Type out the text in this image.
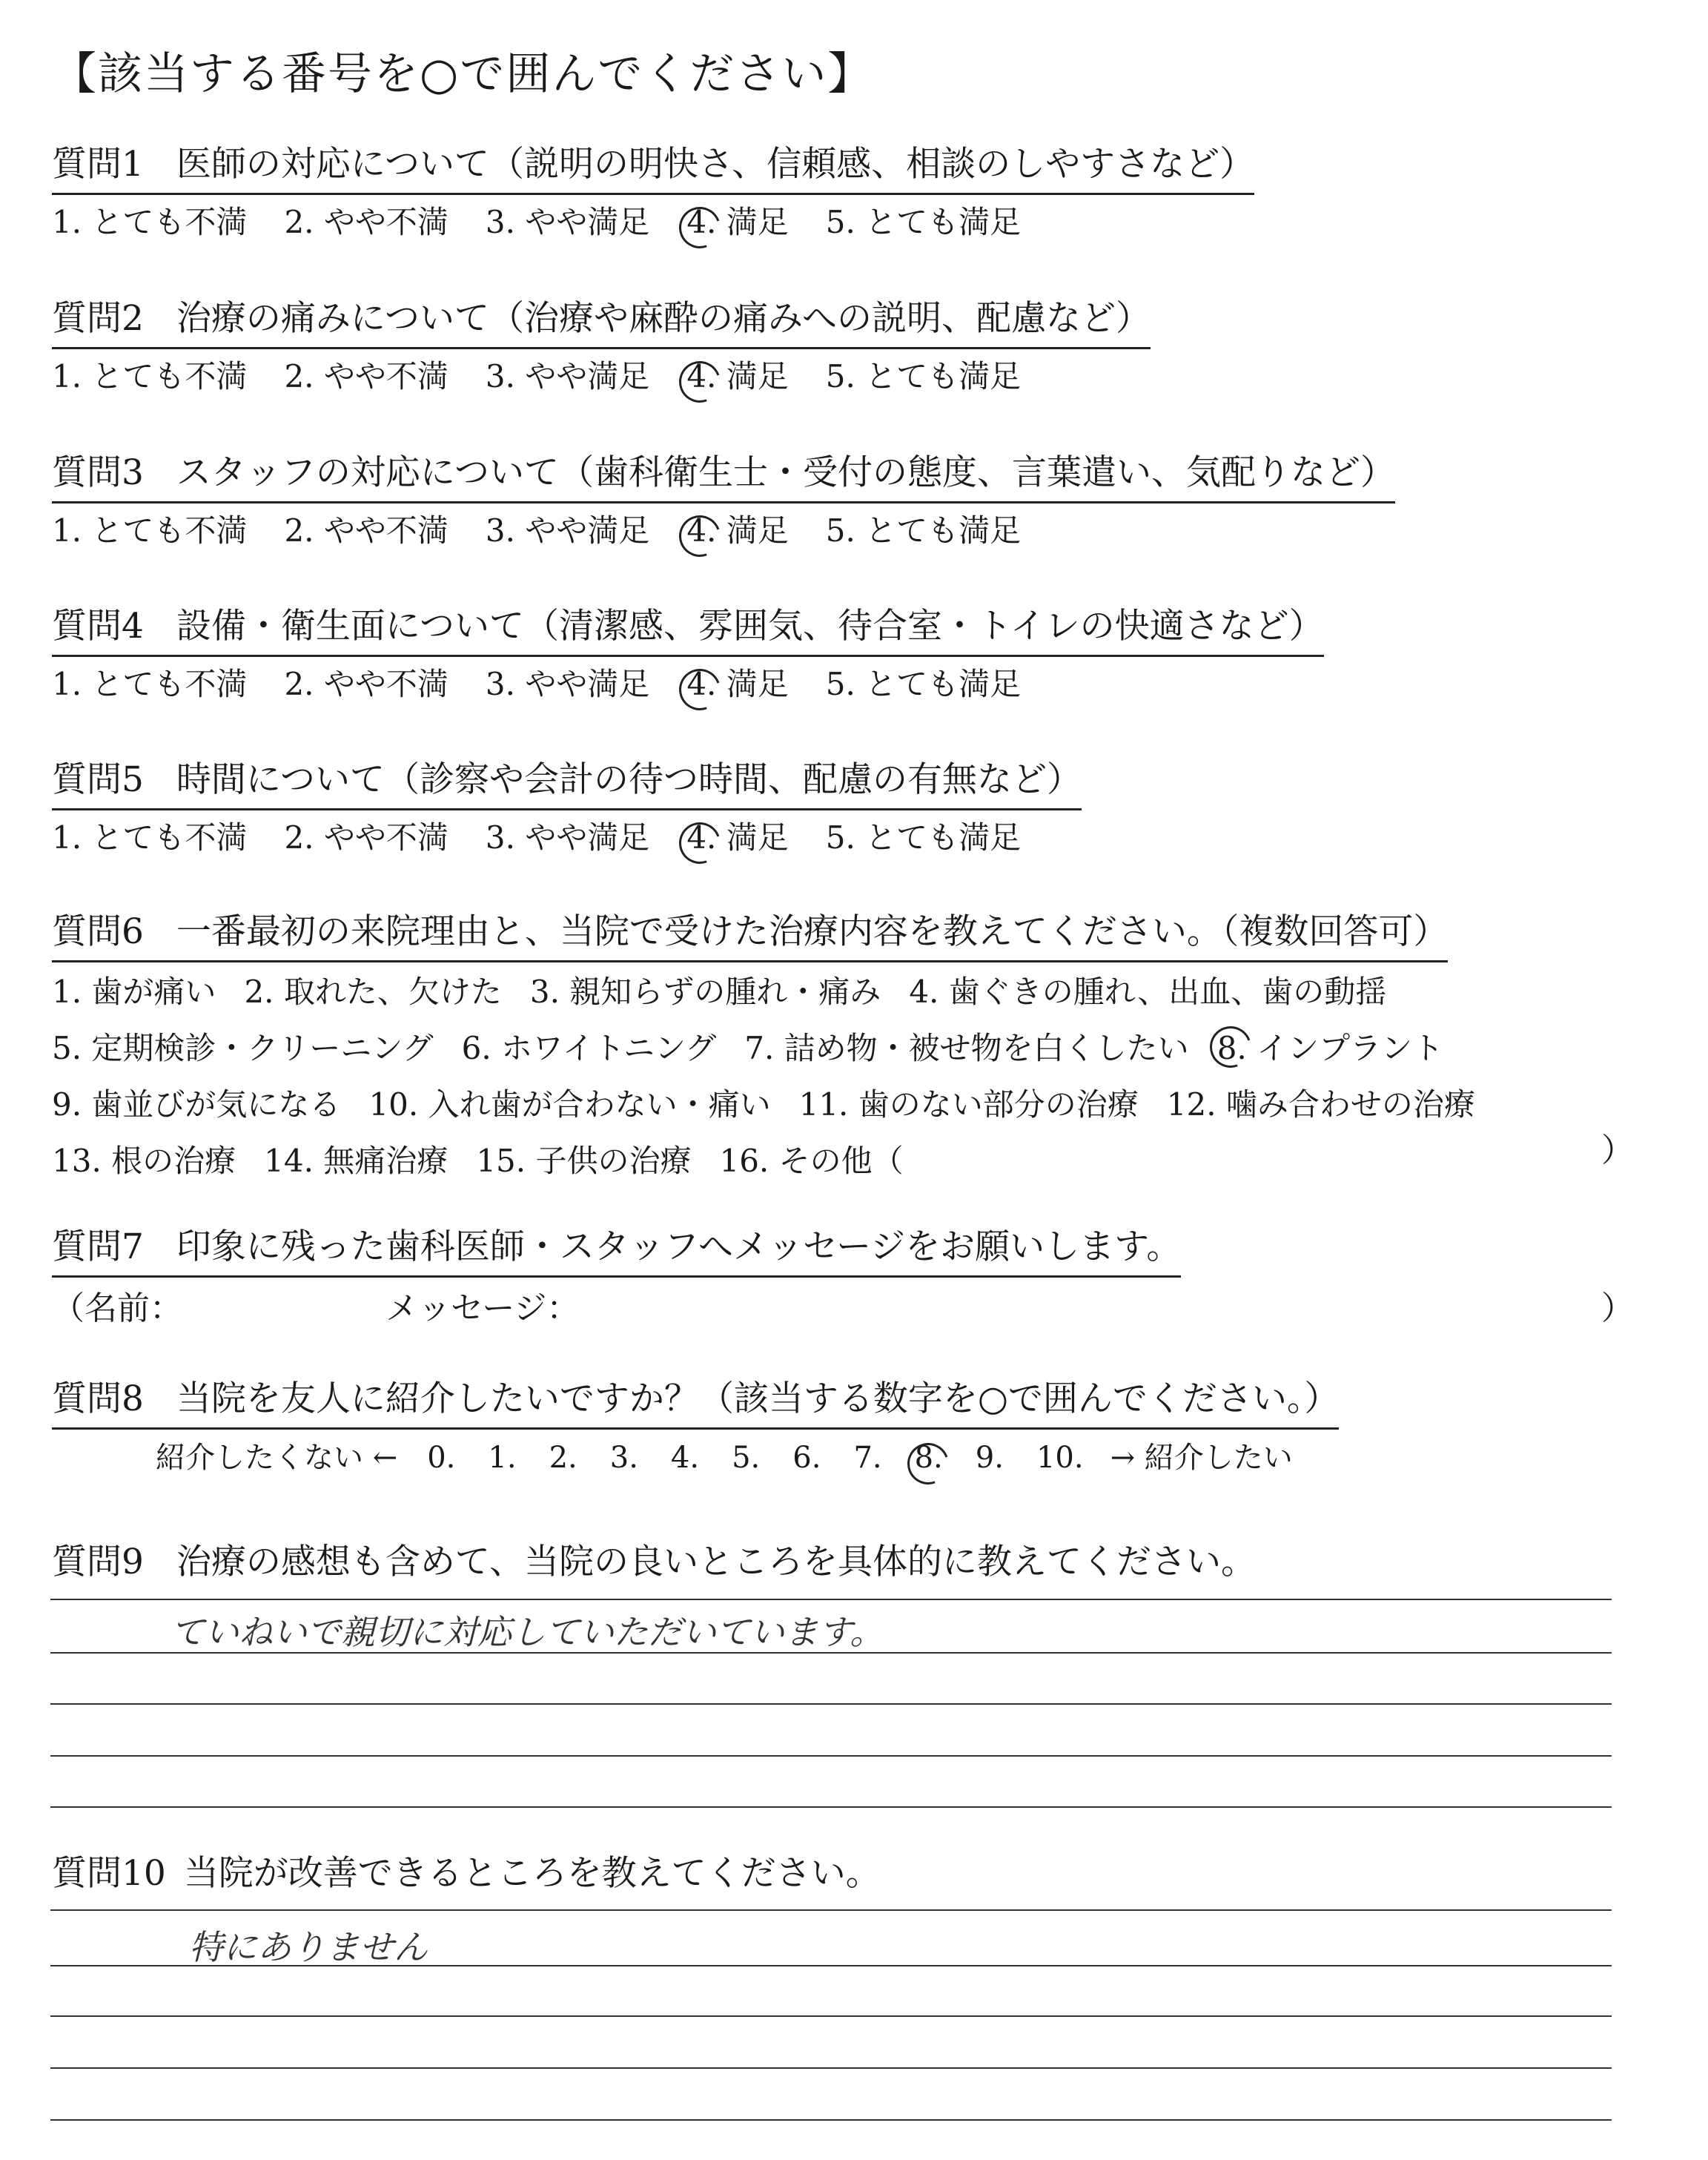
【該当する番号を○で囲んでください】
質問1 医師の対応について（説明の明快さ、信頼感、相談のしやすさなど）
1. とても不満 2. やや不満 3. やや満足 4. 満足 5. とても満足
質問2 治療の痛みについて（治療や麻酔の痛みへの説明、配慮など）
1. とても不満 2. やや不満 3. やや満足 4. 満足 5. とても満足
質問3 スタッフの対応について（歯科衛生士・受付の態度、言葉遣い、気配りなど）
1. とても不満 2. やや不満 3. やや満足 4. 満足 5. とても満足
質問4 設備・衛生面について（清潔感、雰囲気、待合室・トイレの快適さなど）
1. とても不満 2. やや不満 3. やや満足 4. 満足 5. とても満足
質問5 時間について（診察や会計の待つ時間、配慮の有無など）
1. とても不満 2. やや不満 3. やや満足 4. 満足 5. とても満足
質問6 一番最初の来院理由と、当院で受けた治療内容を教えてください。（複数回答可）
1. 歯が痛い 2. 取れた、欠けた 3. 親知らずの腫れ・痛み 4. 歯ぐきの腫れ、出血、歯の動揺
5. 定期検診・クリーニング 6. ホワイトニング 7. 詰め物・被せ物を白くしたい 8. インプラント
9. 歯並びが気になる 10. 入れ歯が合わない・痛い 11. 歯のない部分の治療 12. 噛み合わせの治療
13. 根の治療 14. 無痛治療 15. 子供の治療 16. その他（	）
質問7 印象に残った歯科医師・スタッフへメッセージをお願いします。
（名前：	メッセージ：	）
質問8 当院を友人に紹介したいですか？（該当する数字を○で囲んでください。）
紹介したくない ← 0. 1. 2. 3. 4. 5. 6. 7. 8. 9. 10. → 紹介したい
質問9 治療の感想も含めて、当院の良いところを具体的に教えてください。
ていねいで親切に対応していただいています。
質問10 当院が改善できるところを教えてください。
特にありません
